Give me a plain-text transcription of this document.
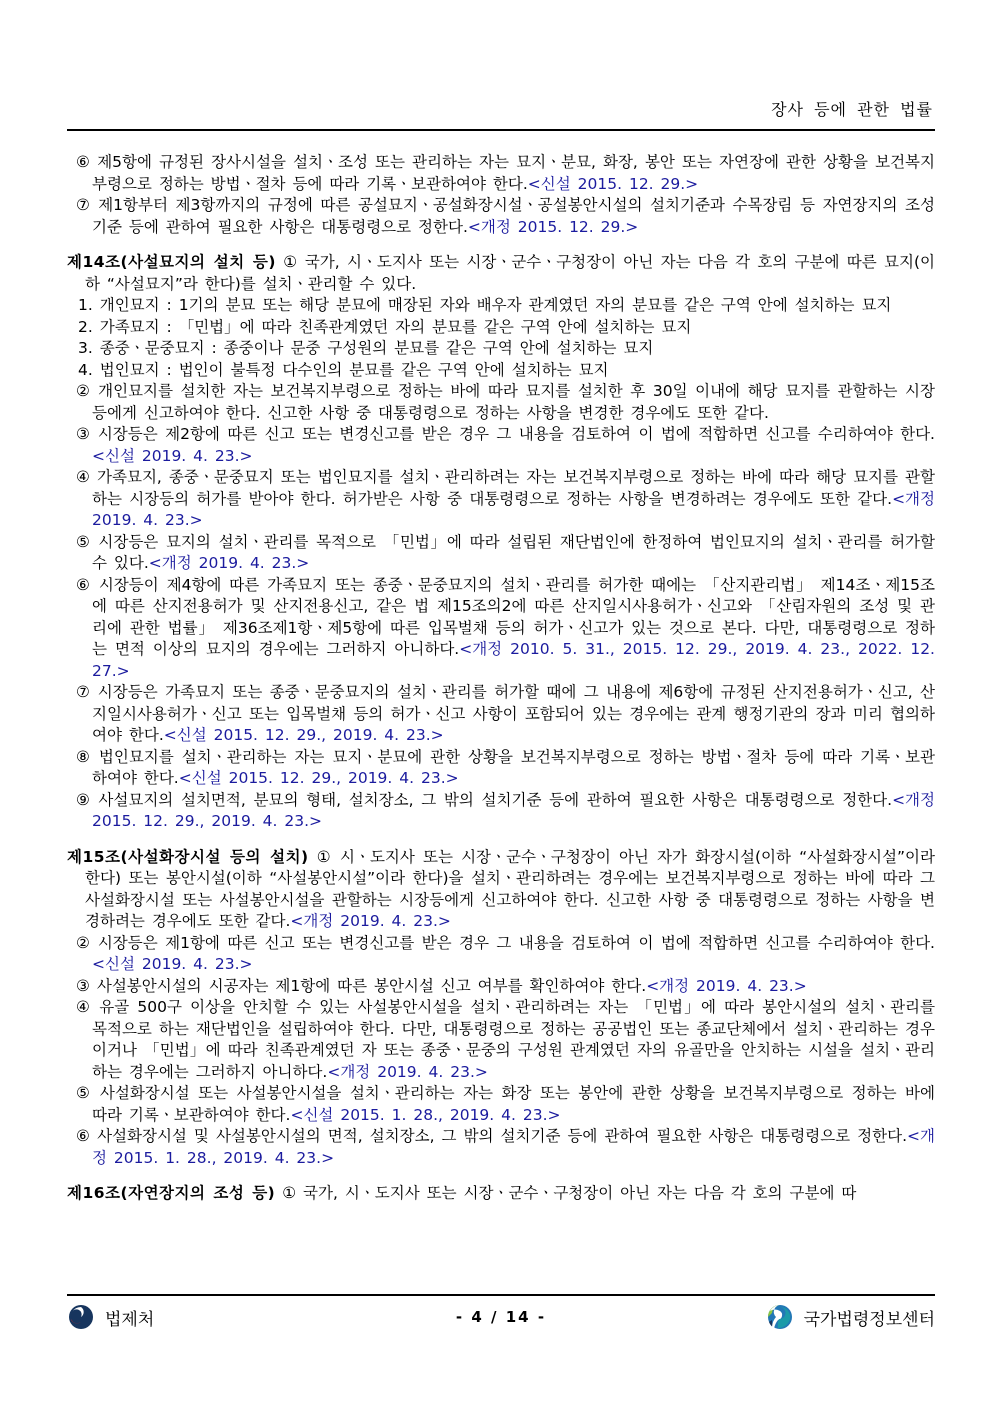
장사 등에 관한 법률
⑥ 제5항에 규정된 장사시설을 설치ㆍ조성 또는 관리하는 자는 묘지ㆍ분묘, 화장, 봉안 또는 자연장에 관한 상황을 보건복지부령으로 정하는 방법ㆍ절차 등에 따라 기록ㆍ보관하여야 한다.<신설 2015. 12. 29.>
⑦ 제1항부터 제3항까지의 규정에 따른 공설묘지ㆍ공설화장시설ㆍ공설봉안시설의 설치기준과 수목장림 등 자연장지의 조성기준 등에 관하여 필요한 사항은 대통령령으로 정한다.<개정 2015. 12. 29.>
제14조(사설묘지의 설치 등) ① 국가, 시ㆍ도지사 또는 시장ㆍ군수ㆍ구청장이 아닌 자는 다음 각 호의 구분에 따른 묘지(이하 “사설묘지”라 한다)를 설치ㆍ관리할 수 있다.
1. 개인묘지 : 1기의 분묘 또는 해당 분묘에 매장된 자와 배우자 관계였던 자의 분묘를 같은 구역 안에 설치하는 묘지
2. 가족묘지 : 「민법」에 따라 친족관계였던 자의 분묘를 같은 구역 안에 설치하는 묘지
3. 종중ㆍ문중묘지 : 종중이나 문중 구성원의 분묘를 같은 구역 안에 설치하는 묘지
4. 법인묘지 : 법인이 불특정 다수인의 분묘를 같은 구역 안에 설치하는 묘지
② 개인묘지를 설치한 자는 보건복지부령으로 정하는 바에 따라 묘지를 설치한 후 30일 이내에 해당 묘지를 관할하는 시장등에게 신고하여야 한다. 신고한 사항 중 대통령령으로 정하는 사항을 변경한 경우에도 또한 같다.
③ 시장등은 제2항에 따른 신고 또는 변경신고를 받은 경우 그 내용을 검토하여 이 법에 적합하면 신고를 수리하여야 한다.<신설 2019. 4. 23.>
④ 가족묘지, 종중ㆍ문중묘지 또는 법인묘지를 설치ㆍ관리하려는 자는 보건복지부령으로 정하는 바에 따라 해당 묘지를 관할하는 시장등의 허가를 받아야 한다. 허가받은 사항 중 대통령령으로 정하는 사항을 변경하려는 경우에도 또한 같다.<개정 2019. 4. 23.>
⑤ 시장등은 묘지의 설치ㆍ관리를 목적으로 「민법」에 따라 설립된 재단법인에 한정하여 법인묘지의 설치ㆍ관리를 허가할 수 있다.<개정 2019. 4. 23.>
⑥ 시장등이 제4항에 따른 가족묘지 또는 종중ㆍ문중묘지의 설치ㆍ관리를 허가한 때에는 「산지관리법」 제14조ㆍ제15조에 따른 산지전용허가 및 산지전용신고, 같은 법 제15조의2에 따른 산지일시사용허가ㆍ신고와 「산림자원의 조성 및 관리에 관한 법률」 제36조제1항ㆍ제5항에 따른 입목벌채 등의 허가ㆍ신고가 있는 것으로 본다. 다만, 대통령령으로 정하는 면적 이상의 묘지의 경우에는 그러하지 아니하다.<개정 2010. 5. 31., 2015. 12. 29., 2019. 4. 23., 2022. 12. 27.>
⑦ 시장등은 가족묘지 또는 종중ㆍ문중묘지의 설치ㆍ관리를 허가할 때에 그 내용에 제6항에 규정된 산지전용허가ㆍ신고, 산지일시사용허가ㆍ신고 또는 입목벌채 등의 허가ㆍ신고 사항이 포함되어 있는 경우에는 관계 행정기관의 장과 미리 협의하여야 한다.<신설 2015. 12. 29., 2019. 4. 23.>
⑧ 법인묘지를 설치ㆍ관리하는 자는 묘지ㆍ분묘에 관한 상황을 보건복지부령으로 정하는 방법ㆍ절차 등에 따라 기록ㆍ보관하여야 한다.<신설 2015. 12. 29., 2019. 4. 23.>
⑨ 사설묘지의 설치면적, 분묘의 형태, 설치장소, 그 밖의 설치기준 등에 관하여 필요한 사항은 대통령령으로 정한다.<개정 2015. 12. 29., 2019. 4. 23.>
제15조(사설화장시설 등의 설치) ① 시ㆍ도지사 또는 시장ㆍ군수ㆍ구청장이 아닌 자가 화장시설(이하 “사설화장시설”이라 한다) 또는 봉안시설(이하 “사설봉안시설”이라 한다)을 설치ㆍ관리하려는 경우에는 보건복지부령으로 정하는 바에 따라 그 사설화장시설 또는 사설봉안시설을 관할하는 시장등에게 신고하여야 한다. 신고한 사항 중 대통령령으로 정하는 사항을 변경하려는 경우에도 또한 같다.<개정 2019. 4. 23.>
② 시장등은 제1항에 따른 신고 또는 변경신고를 받은 경우 그 내용을 검토하여 이 법에 적합하면 신고를 수리하여야 한다.<신설 2019. 4. 23.>
③ 사설봉안시설의 시공자는 제1항에 따른 봉안시설 신고 여부를 확인하여야 한다.<개정 2019. 4. 23.>
④ 유골 500구 이상을 안치할 수 있는 사설봉안시설을 설치ㆍ관리하려는 자는 「민법」에 따라 봉안시설의 설치ㆍ관리를 목적으로 하는 재단법인을 설립하여야 한다. 다만, 대통령령으로 정하는 공공법인 또는 종교단체에서 설치ㆍ관리하는 경우이거나 「민법」에 따라 친족관계였던 자 또는 종중ㆍ문중의 구성원 관계였던 자의 유골만을 안치하는 시설을 설치ㆍ관리하는 경우에는 그러하지 아니하다.<개정 2019. 4. 23.>
⑤ 사설화장시설 또는 사설봉안시설을 설치ㆍ관리하는 자는 화장 또는 봉안에 관한 상황을 보건복지부령으로 정하는 바에 따라 기록ㆍ보관하여야 한다.<신설 2015. 1. 28., 2019. 4. 23.>
⑥ 사설화장시설 및 사설봉안시설의 면적, 설치장소, 그 밖의 설치기준 등에 관하여 필요한 사항은 대통령령으로 정한다.<개정 2015. 1. 28., 2019. 4. 23.>
제16조(자연장지의 조성 등) ① 국가, 시ㆍ도지사 또는 시장ㆍ군수ㆍ구청장이 아닌 자는 다음 각 호의 구분에 따
법제처	- 4 / 14 -	국가법령정보센터
